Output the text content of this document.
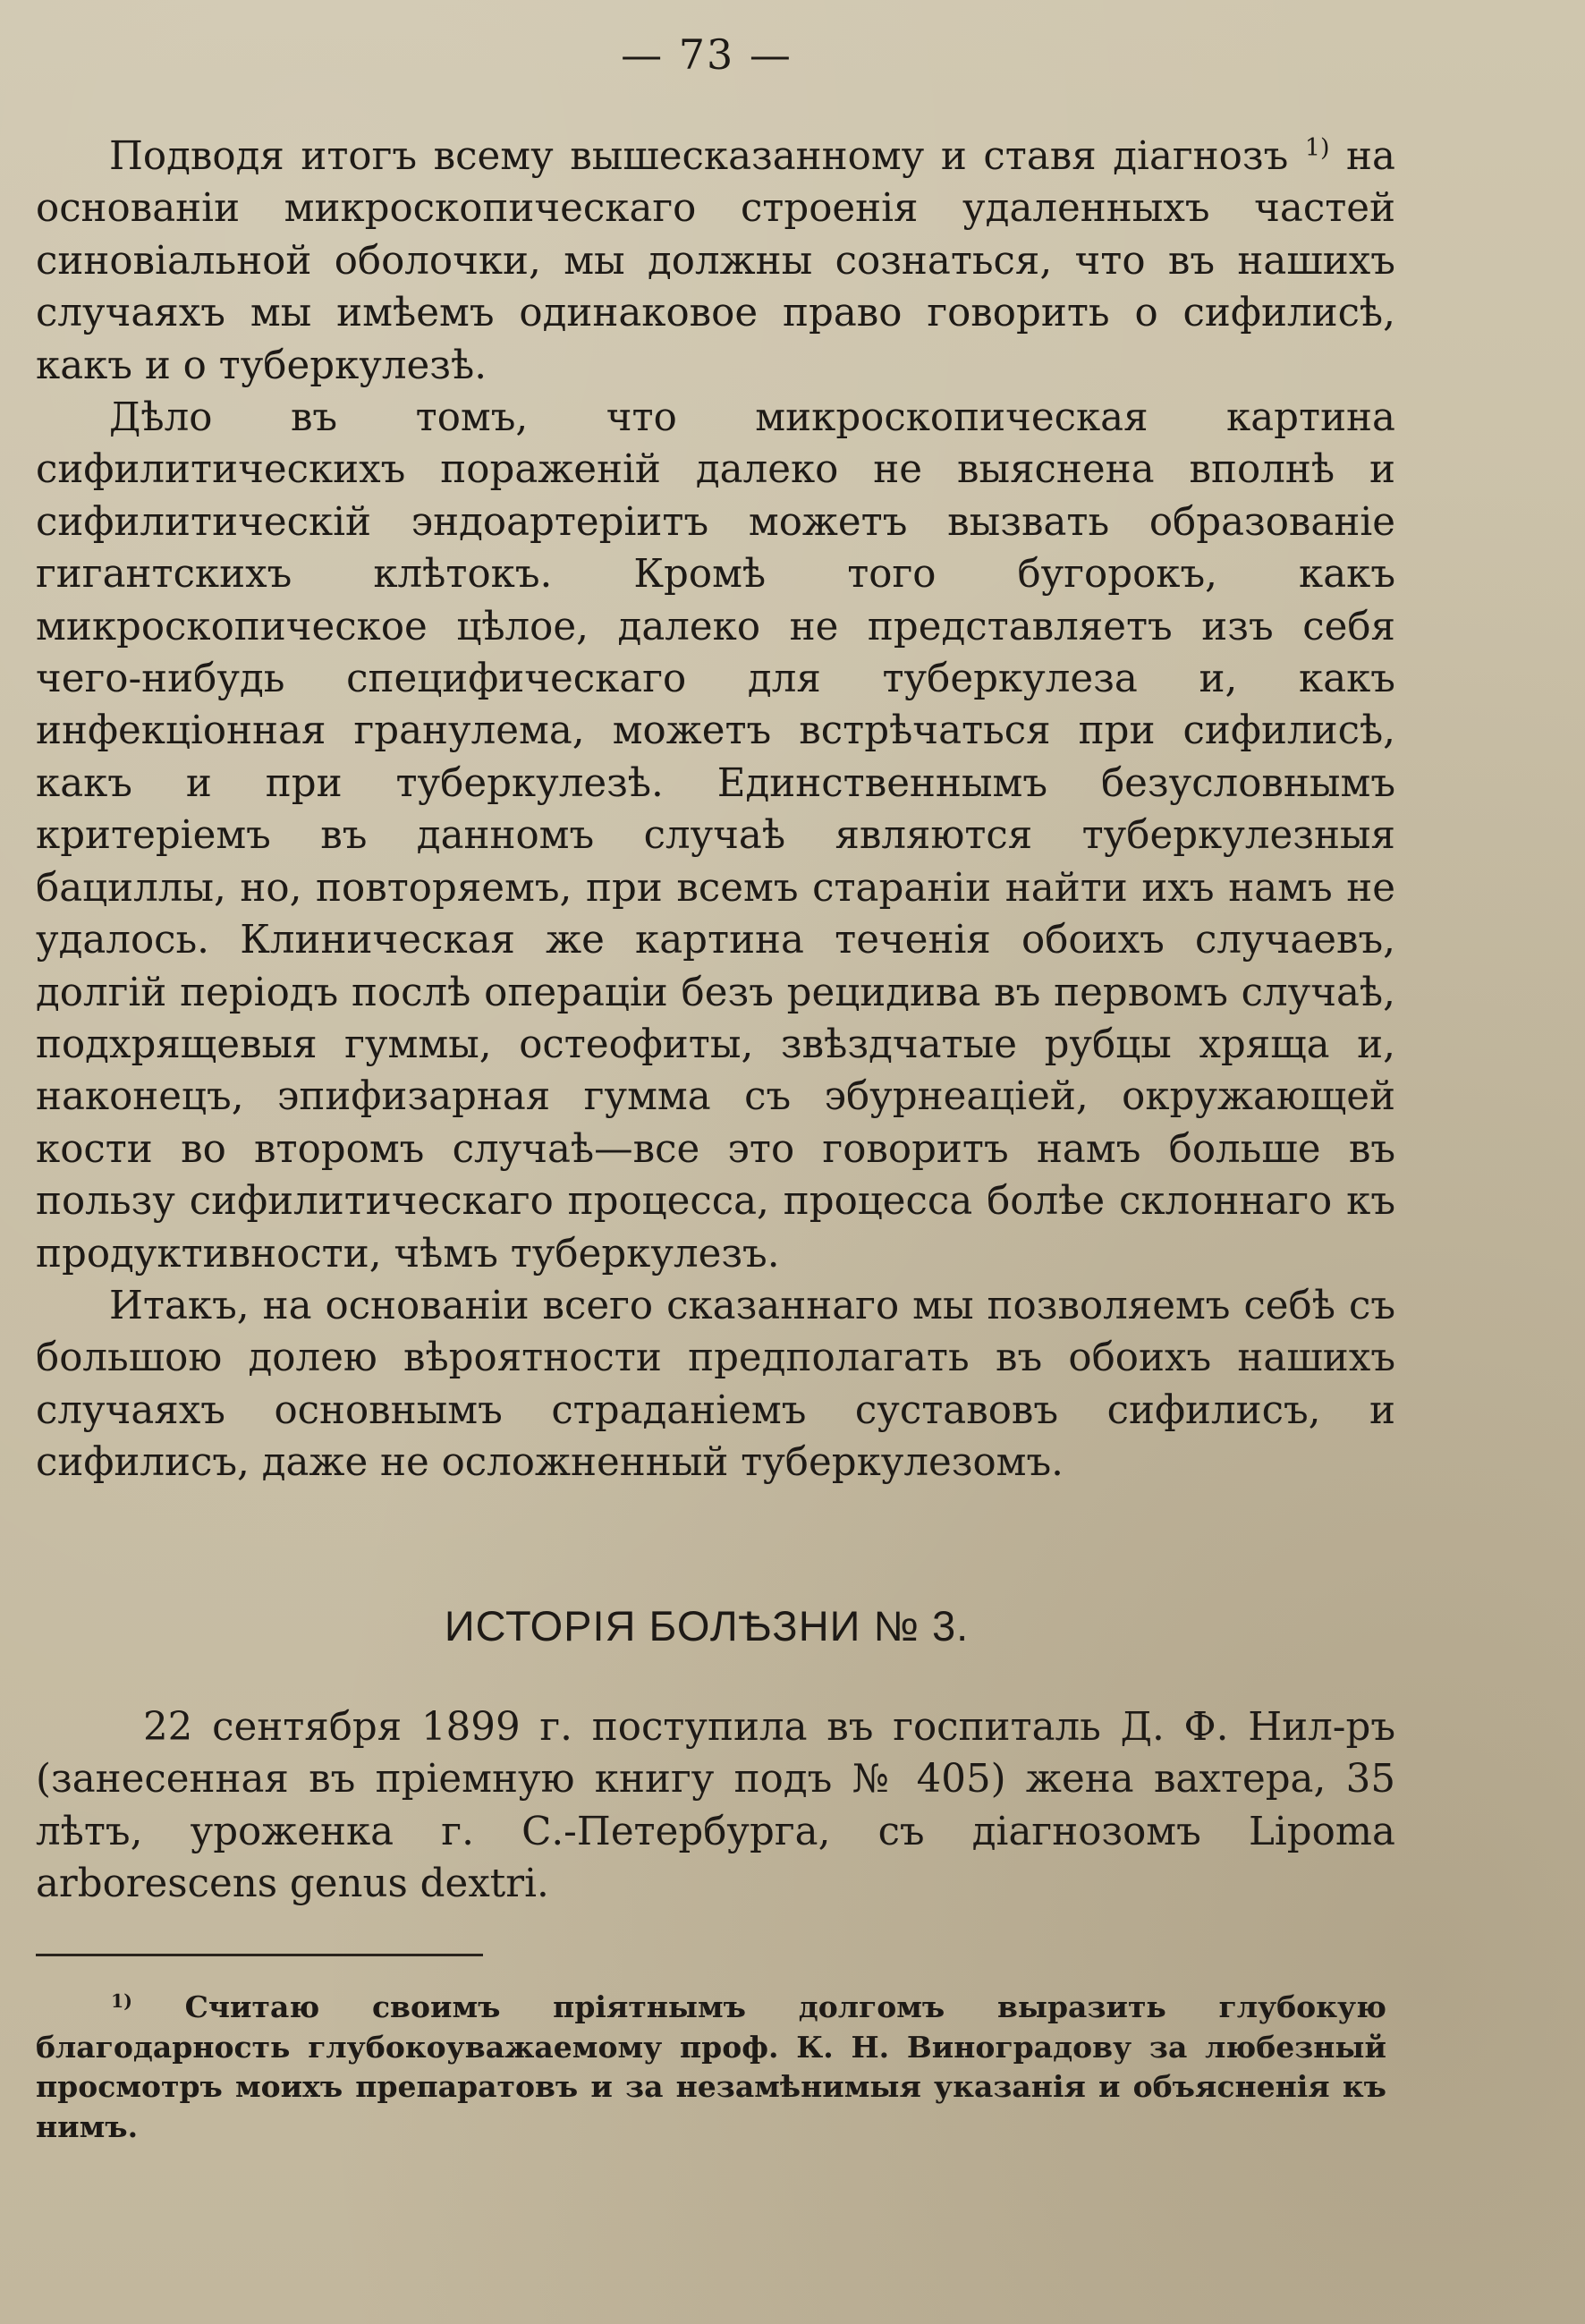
— 73 —

Подводя итогъ всему вышесказанному и ставя діагнозъ $^{1)}$ на основаніи микроскопическаго строенія удаленныхъ частей синовіальной оболочки, мы должны сознаться, что въ нашихъ случаяхъ мы имѣемъ одинаковое право говорить о сифилисѣ, какъ и о туберкулезѣ.

Дѣло въ томъ, что микроскопическая картина сифилитическихъ пораженій далеко не выяснена вполнѣ и сифилитическій эндоартеріитъ можетъ вызвать образованіе гигантскихъ клѣтокъ. Кромѣ того бугорокъ, какъ микроскопическое цѣлое, далеко не представляетъ изъ себя чего-нибудь специфическаго для туберкулеза и, какъ инфекціонная гранулема, можетъ встрѣчаться при сифилисѣ, какъ и при туберкулезѣ. Единственнымъ безусловнымъ критеріемъ въ данномъ случаѣ являются туберкулезныя бациллы, но, повторяемъ, при всемъ стараніи найти ихъ намъ не удалось. Клиническая же картина теченія обоихъ случаевъ, долгій періодъ послѣ операціи безъ рецидива въ первомъ случаѣ, подхрящевыя гуммы, остеофиты, звѣздчатые рубцы хряща и, наконецъ, эпифизарная гумма съ эбурнеаціей, окружающей кости во второмъ случаѣ—все это говоритъ намъ больше въ пользу сифилитическаго процесса, процесса болѣе склоннаго къ продуктивности, чѣмъ туберкулезъ.

Итакъ, на основаніи всего сказаннаго мы позволяемъ себѣ съ большою долею вѣроятности предполагать въ обоихъ нашихъ случаяхъ основнымъ страданіемъ суставовъ сифилисъ, и сифилисъ, даже не осложненный туберкулезомъ.

ИСТОРІЯ БОЛѢЗНИ № 3.

22 сентября 1899 г. поступила въ госпиталь Д. Ф. Нил-ръ (занесенная въ пріемную книгу подъ № 405) жена вахтера, 35 лѣтъ, уроженка г. С.-Петербурга, съ діагнозомъ Lipoma arborescens genus dextri.

$^{1)}$ Считаю своимъ пріятнымъ долгомъ выразить глубокую благодарность глубокоуважаемому проф. К. Н. Виноградову за любезный просмотръ моихъ препаратовъ и за незамѣнимыя указанія и объясненія къ нимъ.
